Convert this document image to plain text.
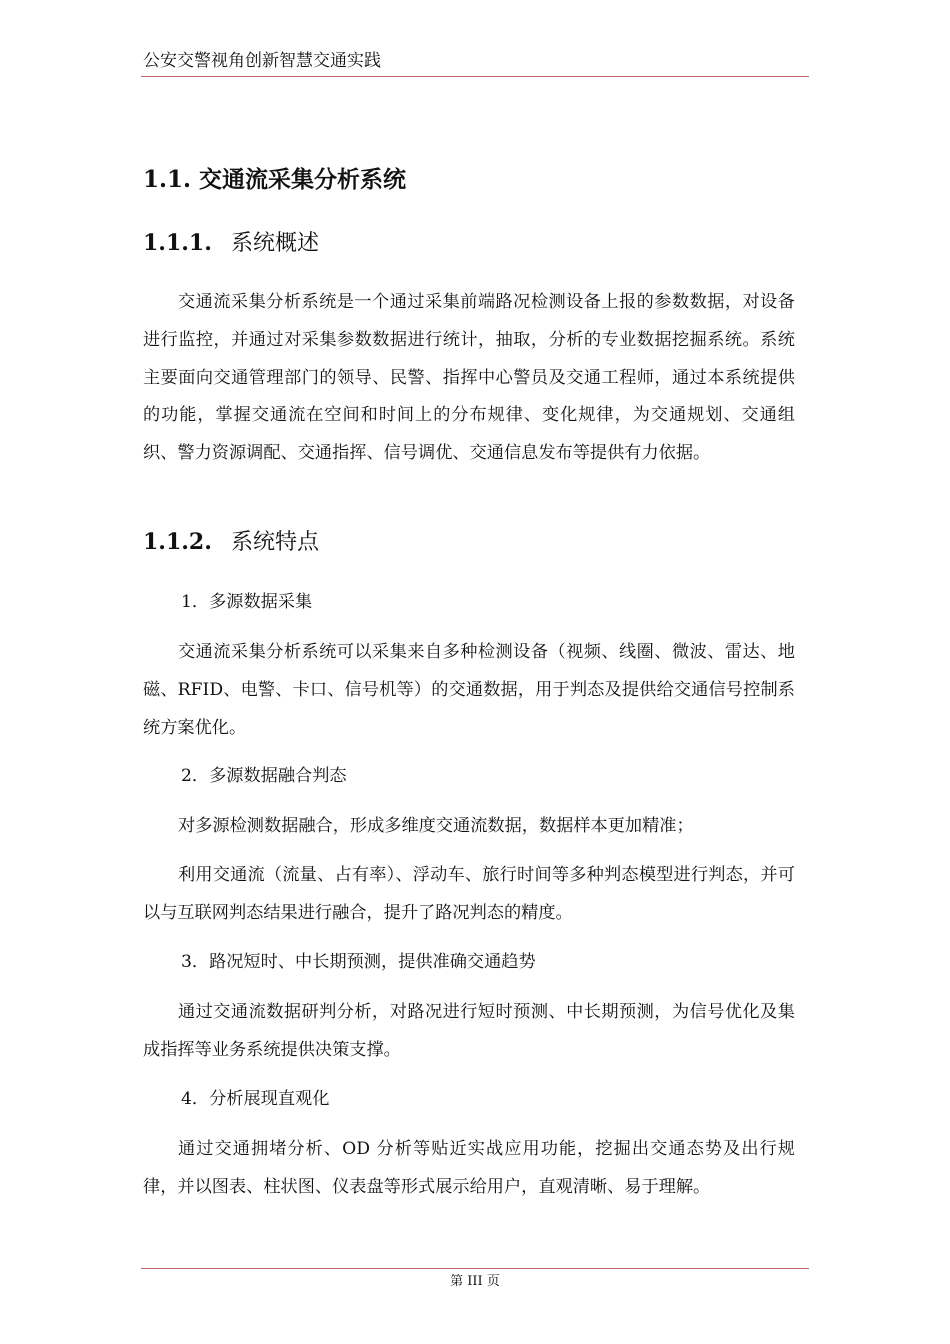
公安交警视角创新智慧交通实践
1.1. 交通流采集分析系统
1.1.1. 系统概述

交通流采集分析系统是一个通过采集前端路况检测设备上报的参数数据，对设备进行监控，并通过对采集参数数据进行统计，抽取，分析的专业数据挖掘系统。系统主要面向交通管理部门的领导、民警、指挥中心警员及交通工程师，通过本系统提供的功能，掌握交通流在空间和时间上的分布规律、变化规律，为交通规划、交通组织、警力资源调配、交通指挥、信号调优、交通信息发布等提供有力依据。

1.1.2. 系统特点
1．多源数据采集

交通流采集分析系统可以采集来自多种检测设备（视频、线圈、微波、雷达、地磁、RFID、电警、卡口、信号机等）的交通数据，用于判态及提供给交通信号控制系统方案优化。

2．多源数据融合判态

对多源检测数据融合，形成多维度交通流数据，数据样本更加精准；

利用交通流（流量、占有率）、浮动车、旅行时间等多种判态模型进行判态，并可以与互联网判态结果进行融合，提升了路况判态的精度。

3．路况短时、中长期预测，提供准确交通趋势

通过交通流数据研判分析，对路况进行短时预测、中长期预测，为信号优化及集成指挥等业务系统提供决策支撑。

4．分析展现直观化

通过交通拥堵分析、OD 分析等贴近实战应用功能，挖掘出交通态势及出行规律，并以图表、柱状图、仪表盘等形式展示给用户，直观清晰、易于理解。

第 III 页
